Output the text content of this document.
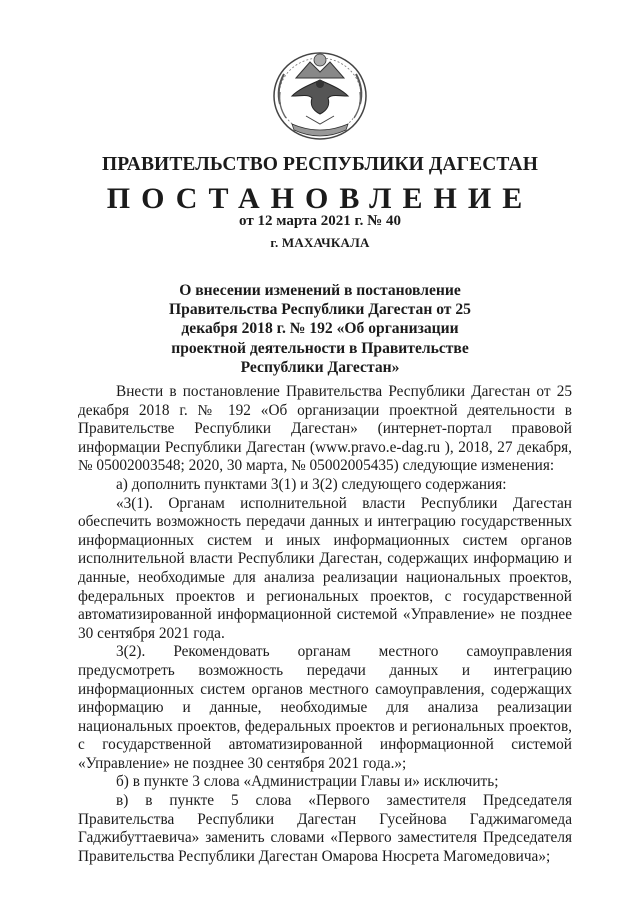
ПРАВИТЕЛЬСТВО РЕСПУБЛИКИ ДАГЕСТАН
ПОСТАНОВЛЕНИЕ
от 12 марта 2021 г. № 40
г. МАХАЧКАЛА
О внесении изменений в постановление Правительства Республики Дагестан от 25 декабря 2018 г. № 192 «Об организации проектной деятельности в Правительстве Республики Дагестан»

Внести в постановление Правительства Республики Дагестан от 25 декабря 2018 г. № 192 «Об организации проектной деятельности в Правительстве Республики Дагестан» (интернет-портал правовой информации Республики Дагестан (www.pravo.e-dag.ru ), 2018, 27 декабря, № 05002003548; 2020, 30 марта, № 05002005435) следующие изменения:

а) дополнить пунктами 3(1) и 3(2) следующего содержания:

«3(1). Органам исполнительной власти Республики Дагестан обеспечить возможность передачи данных и интеграцию государственных информационных систем и иных информационных систем органов исполнительной власти Республики Дагестан, содержащих информацию и данные, необходимые для анализа реализации национальных проектов, федеральных проектов и региональных проектов, с государственной автоматизированной информационной системой «Управление» не позднее 30 сентября 2021 года.

3(2). Рекомендовать органам местного самоуправления предусмотреть возможность передачи данных и интеграцию информационных систем органов местного самоуправления, содержащих информацию и данные, необходимые для анализа реализации национальных проектов, федеральных проектов и региональных проектов, с государственной автоматизированной информационной системой «Управление» не позднее 30 сентября 2021 года.»;

б) в пункте 3 слова «Администрации Главы и» исключить;

в) в пункте 5 слова «Первого заместителя Председателя Правительства Республики Дагестан Гусейнова Гаджимагомеда Гаджибуттаевича» заменить словами «Первого заместителя Председателя Правительства Республики Дагестан Омарова Нюсрета Магомедовича»;
